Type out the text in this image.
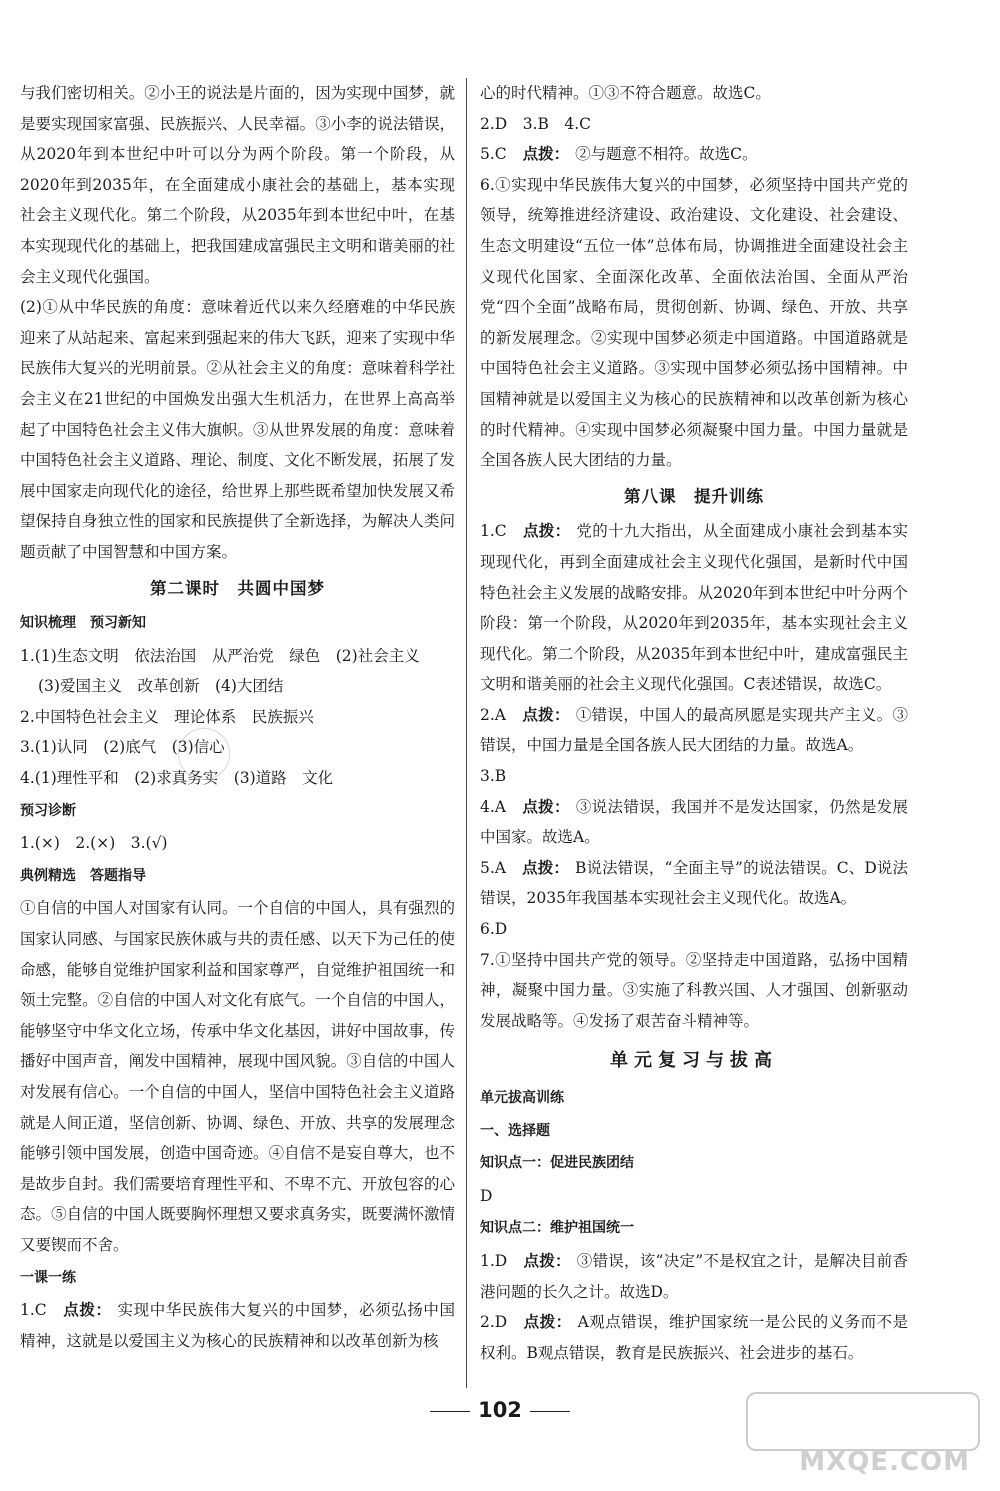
与我们密切相关。②小王的说法是片面的，因为实现中国梦，就是要实现国家富强、民族振兴、人民幸福。③小李的说法错误，从2020年到本世纪中叶可以分为两个阶段。第一个阶段，从2020年到2035年，在全面建成小康社会的基础上，基本实现社会主义现代化。第二个阶段，从2035年到本世纪中叶，在基本实现现代化的基础上，把我国建成富强民主文明和谐美丽的社会主义现代化强国。

(2)①从中华民族的角度：意味着近代以来久经磨难的中华民族迎来了从站起来、富起来到强起来的伟大飞跃，迎来了实现中华民族伟大复兴的光明前景。②从社会主义的角度：意味着科学社会主义在21世纪的中国焕发出强大生机活力，在世界上高高举起了中国特色社会主义伟大旗帜。③从世界发展的角度：意味着中国特色社会主义道路、理论、制度、文化不断发展，拓展了发展中国家走向现代化的途径，给世界上那些既希望加快发展又希望保持自身独立性的国家和民族提供了全新选择，为解决人类问题贡献了中国智慧和中国方案。

第二课时　共圆中国梦
知识梳理　预习新知

1.(1)生态文明　依法治国　从严治党　绿色　(2)社会主义

(3)爱国主义　改革创新　(4)大团结

2.中国特色社会主义　理论体系　民族振兴

3.(1)认同　(2)底气　(3)信心

4.(1)理性平和　(2)求真务实　(3)道路　文化

预习诊断

1.(×)　2.(×)　3.(√)

典例精选　答题指导

①自信的中国人对国家有认同。一个自信的中国人，具有强烈的国家认同感、与国家民族休戚与共的责任感、以天下为己任的使命感，能够自觉维护国家利益和国家尊严，自觉维护祖国统一和领土完整。②自信的中国人对文化有底气。一个自信的中国人，能够坚守中华文化立场，传承中华文化基因，讲好中国故事，传播好中国声音，阐发中国精神，展现中国风貌。③自信的中国人对发展有信心。一个自信的中国人，坚信中国特色社会主义道路就是人间正道，坚信创新、协调、绿色、开放、共享的发展理念能够引领中国发展，创造中国奇迹。④自信不是妄自尊大，也不是故步自封。我们需要培育理性平和、不卑不亢、开放包容的心态。⑤自信的中国人既要胸怀理想又要求真务实，既要满怀激情又要锲而不舍。

一课一练

1.C 点拨： 实现中华民族伟大复兴的中国梦，必须弘扬中国精神，这就是以爱国主义为核心的民族精神和以改革创新为核

心的时代精神。①③不符合题意。故选C。

2.D　3.B　4.C

5.C 点拨： ②与题意不相符。故选C。

6.①实现中华民族伟大复兴的中国梦，必须坚持中国共产党的领导，统筹推进经济建设、政治建设、文化建设、社会建设、生态文明建设“五位一体”总体布局，协调推进全面建设社会主义现代化国家、全面深化改革、全面依法治国、全面从严治党“四个全面”战略布局，贯彻创新、协调、绿色、开放、共享的新发展理念。②实现中国梦必须走中国道路。中国道路就是中国特色社会主义道路。③实现中国梦必须弘扬中国精神。中国精神就是以爱国主义为核心的民族精神和以改革创新为核心的时代精神。④实现中国梦必须凝聚中国力量。中国力量就是全国各族人民大团结的力量。

第八课　提升训练

1.C 点拨： 党的十九大指出，从全面建成小康社会到基本实现现代化，再到全面建成社会主义现代化强国，是新时代中国特色社会主义发展的战略安排。从2020年到本世纪中叶分两个阶段：第一个阶段，从2020年到2035年，基本实现社会主义现代化。第二个阶段，从2035年到本世纪中叶，建成富强民主文明和谐美丽的社会主义现代化强国。C表述错误，故选C。

2.A 点拨： ①错误，中国人的最高夙愿是实现共产主义。③错误，中国力量是全国各族人民大团结的力量。故选A。

3.B

4.A 点拨： ③说法错误，我国并不是发达国家，仍然是发展中国家。故选A。

5.A 点拨： B说法错误，“全面主导”的说法错误。C、D说法错误，2035年我国基本实现社会主义现代化。故选A。

6.D

7.①坚持中国共产党的领导。②坚持走中国道路，弘扬中国精神，凝聚中国力量。③实施了科教兴国、人才强国、创新驱动发展战略等。④发扬了艰苦奋斗精神等。

单元复习与拔高
单元拔高训练
一、选择题
知识点一：促进民族团结

D

知识点二：维护祖国统一

1.D 点拨： ③错误，该“决定”不是权宜之计，是解决目前香港问题的长久之计。故选D。

2.D 点拨： A观点错误，维护国家统一是公民的义务而不是权利。B观点错误，教育是民族振兴、社会进步的基石。

102
MXQE.COM
